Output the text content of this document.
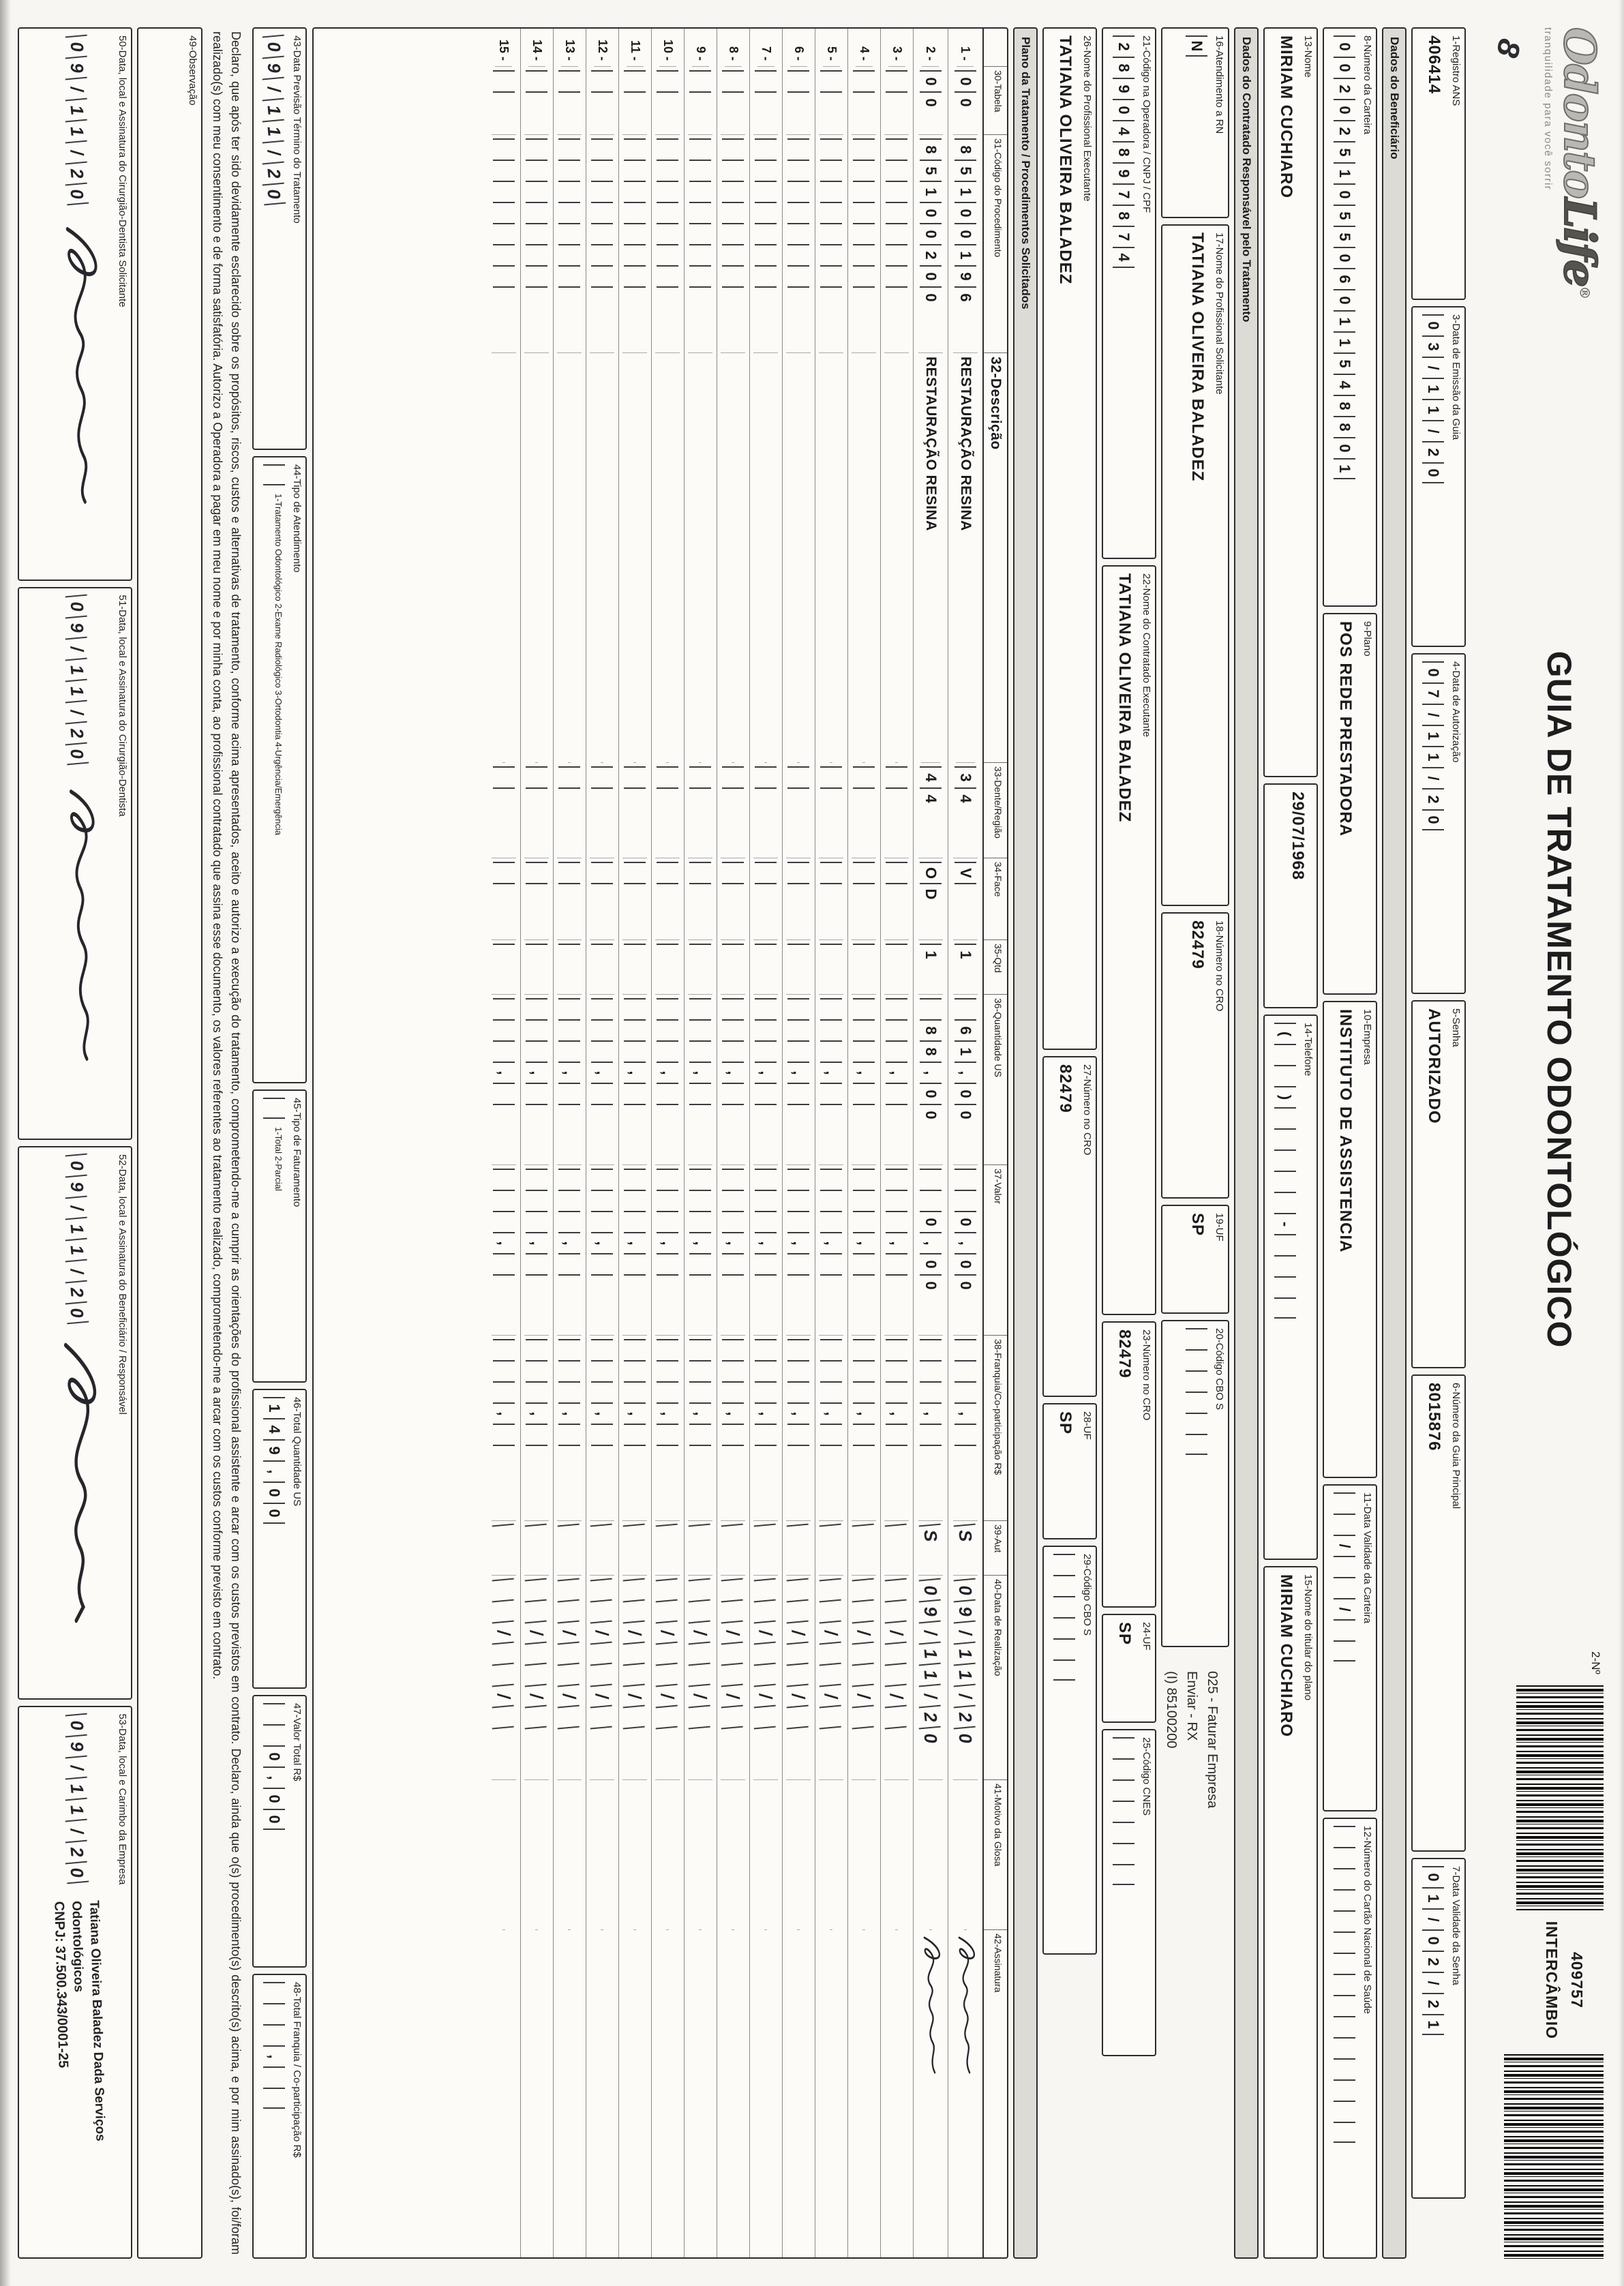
OdontoLife®
tranquilidade para você sorrir
8
GUIA DE TRATAMENTO ODONTOLÓGICO
2-Nº
409757
INTERCÂMBIO
1-Registro ANS
406414
3-Data de Emissão da Guia
0
3
/
1
1
/
2
0
4-Data de Autorização
0
7
/
1
1
/
2
0
5-Senha
AUTORIZADO
6-Número da Guia Principal
8015876
7-Data Validade da Senha
0
1
/
0
2
/
2
1
Dados do Beneficiário
8-Número da Carteira
0
0
2
0
2
5
1
0
5
5
0
6
0
1
1
5
4
8
8
0
1
9-Plano
POS REDE PRESTADORA
10-Empresa
INSTITUTO DE ASSISTENCIA
11-Data Validade da Carteira

/

/

12-Número do Cartão Nacional de Saúde

13-Nome
MIRIAM CUCHIARO
29/07/1968
14-Telefone
(

)

-

15-Nome do titular do plano
MIRIAM CUCHIARO
Dados do Contratado Responsável pelo Tratamento
16-Atendimento a RN
N
17-Nome do Profissional Solicitante
TATIANA OLIVEIRA BALADEZ
18-Número no CRO
82479
19-UF
SP
20-Código CBO S

025 - Faturar Empresa
Enviar - RX
(I) 85100200
21-Código na Operadora / CNPJ / CPF
2
8
9
0
4
8
9
7
8
7
4
22-Nome do Contratado Executante
TATIANA OLIVEIRA BALADEZ
23-Número no CRO
82479
24-UF
SP
25-Código CNES

26-Nome do Profissional Executante
TATIANA OLIVEIRA BALADEZ
27-Número no CRO
82479
28-UF
SP
29-Código CBO S

Plano da Tratamento / Procedimentos Solicitados
30-Tabela
31-Código do Procedimento
32-Descrição
33-Dente/Região
34-Face
35-Qtd
36-Quantidade US
37-Valor
38-Franquia/Co-participação R$
39-Aut
40-Data de Realização
41-Motivo da Glosa
42-Assinatura
1 -
0
0
8
5
1
0
0
1
9
6
RESTAURAÇÃO RESINA
3
4
V

1

6
1
,
0
0

0
,
0
0

,

S
0
9
/
1
1
/
2
0
2 -
0
0
8
5
1
0
0
2
0
0
RESTAURAÇÃO RESINA
4
4
O
D
1

8
8
,
0
0

0
,
0
0

,

S
0
9
/
1
1
/
2
0
3 -

,

,

,

/

/

4 -

,

,

,

/

/

5 -

,

,

,

/

/

6 -

,

,

,

/

/

7 -

,

,

,

/

/

8 -

,

,

,

/

/

9 -

,

,

,

/

/

10 -

,

,

,

/

/

11 -

,

,

,

/

/

12 -

,

,

,

/

/

13 -

,

,

,

/

/

14 -

,

,

,

/

/

15 -

,

,

,

/

/

43-Data Previsão Término do Tratamento
0
9
/
1
1
/
2
0
44-Tipo de Atendimento

1-Tratamento Odontológico 2-Exame Radiológico 3-Ortodontia 4-Urgência/Emergência
45-Tipo de Faturamento

1-Total 2-Parcial
46-Total Quantidade US
1
4
9
,
0
0
47-Valor Total R$

0
,
0
0
48-Total Franquia / Co-participação R$

,

Declaro, que após ter sido devidamente esclarecido sobre os propósitos, riscos, custos e alternativas de tratamento, conforme acima apresentados, aceito e autorizo a execução do tratamento, comprometendo-me a cumprir as orientações do profissional assistente e arcar com os custos previstos em contrato. Declaro, ainda que o(s) procedimento(s) descrito(s) acima, e por mim assinado(s), foi/foram realizado(s) com meu consentimento e de forma satisfatória. Autorizo a Operadora a pagar em meu nome e por minha conta, ao profissional contratado que assina esse documento, os valores referentes ao tratamento realizado, comprometendo-me a arcar com os custos conforme previsto em contrato.
49-Observação
50-Data, local e Assinatura do Cirurgião-Dentista Solicitante
0
9
/
1
1
/
2
0
51-Data, local e Assinatura do Cirurgião-Dentista
0
9
/
1
1
/
2
0
52-Data, local e Assinatura do Beneficiário / Responsável
0
9
/
1
1
/
2
0
53-Data, local e Carimbo da Empresa
0
9
/
1
1
/
2
0
Tatiana Oliveira Baladez Dada Serviços Odontológicos
CNPJ: 37.500.343/0001-25
